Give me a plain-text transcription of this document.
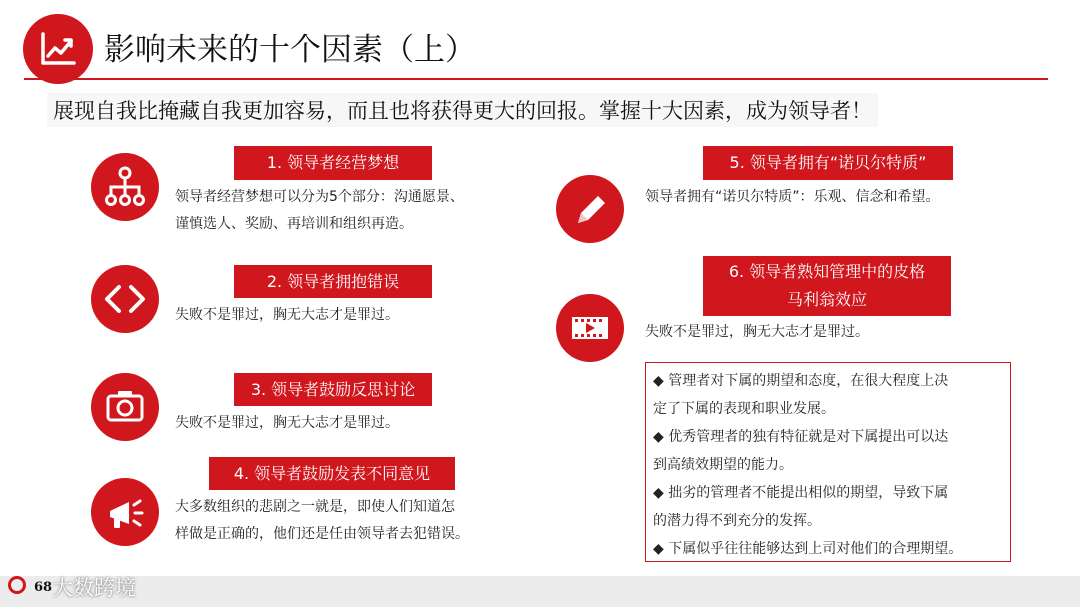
影响未来的十个因素（上）
展现自我比掩藏自我更加容易，而且也将获得更大的回报。掌握十大因素，成为领导者！
1. 领导者经营梦想
领导者经营梦想可以分为5个部分：沟通愿景、
谨慎选人、奖励、再培训和组织再造。
2. 领导者拥抱错误
失败不是罪过，胸无大志才是罪过。
3. 领导者鼓励反思讨论
失败不是罪过，胸无大志才是罪过。
4. 领导者鼓励发表不同意见
大多数组织的悲剧之一就是，即使人们知道怎
样做是正确的，他们还是任由领导者去犯错误。
5. 领导者拥有“诺贝尔特质”
领导者拥有“诺贝尔特质”：乐观、信念和希望。
6. 领导者熟知管理中的皮格
马利翁效应
失败不是罪过，胸无大志才是罪过。
◆ 管理者对下属的期望和态度，在很大程度上决
定了下属的表现和职业发展。
◆ 优秀管理者的独有特征就是对下属提出可以达
到高绩效期望的能力。
◆ 拙劣的管理者不能提出相似的期望，导致下属
的潜力得不到充分的发挥。
◆ 下属似乎往往能够达到上司对他们的合理期望。
68 大数跨境
